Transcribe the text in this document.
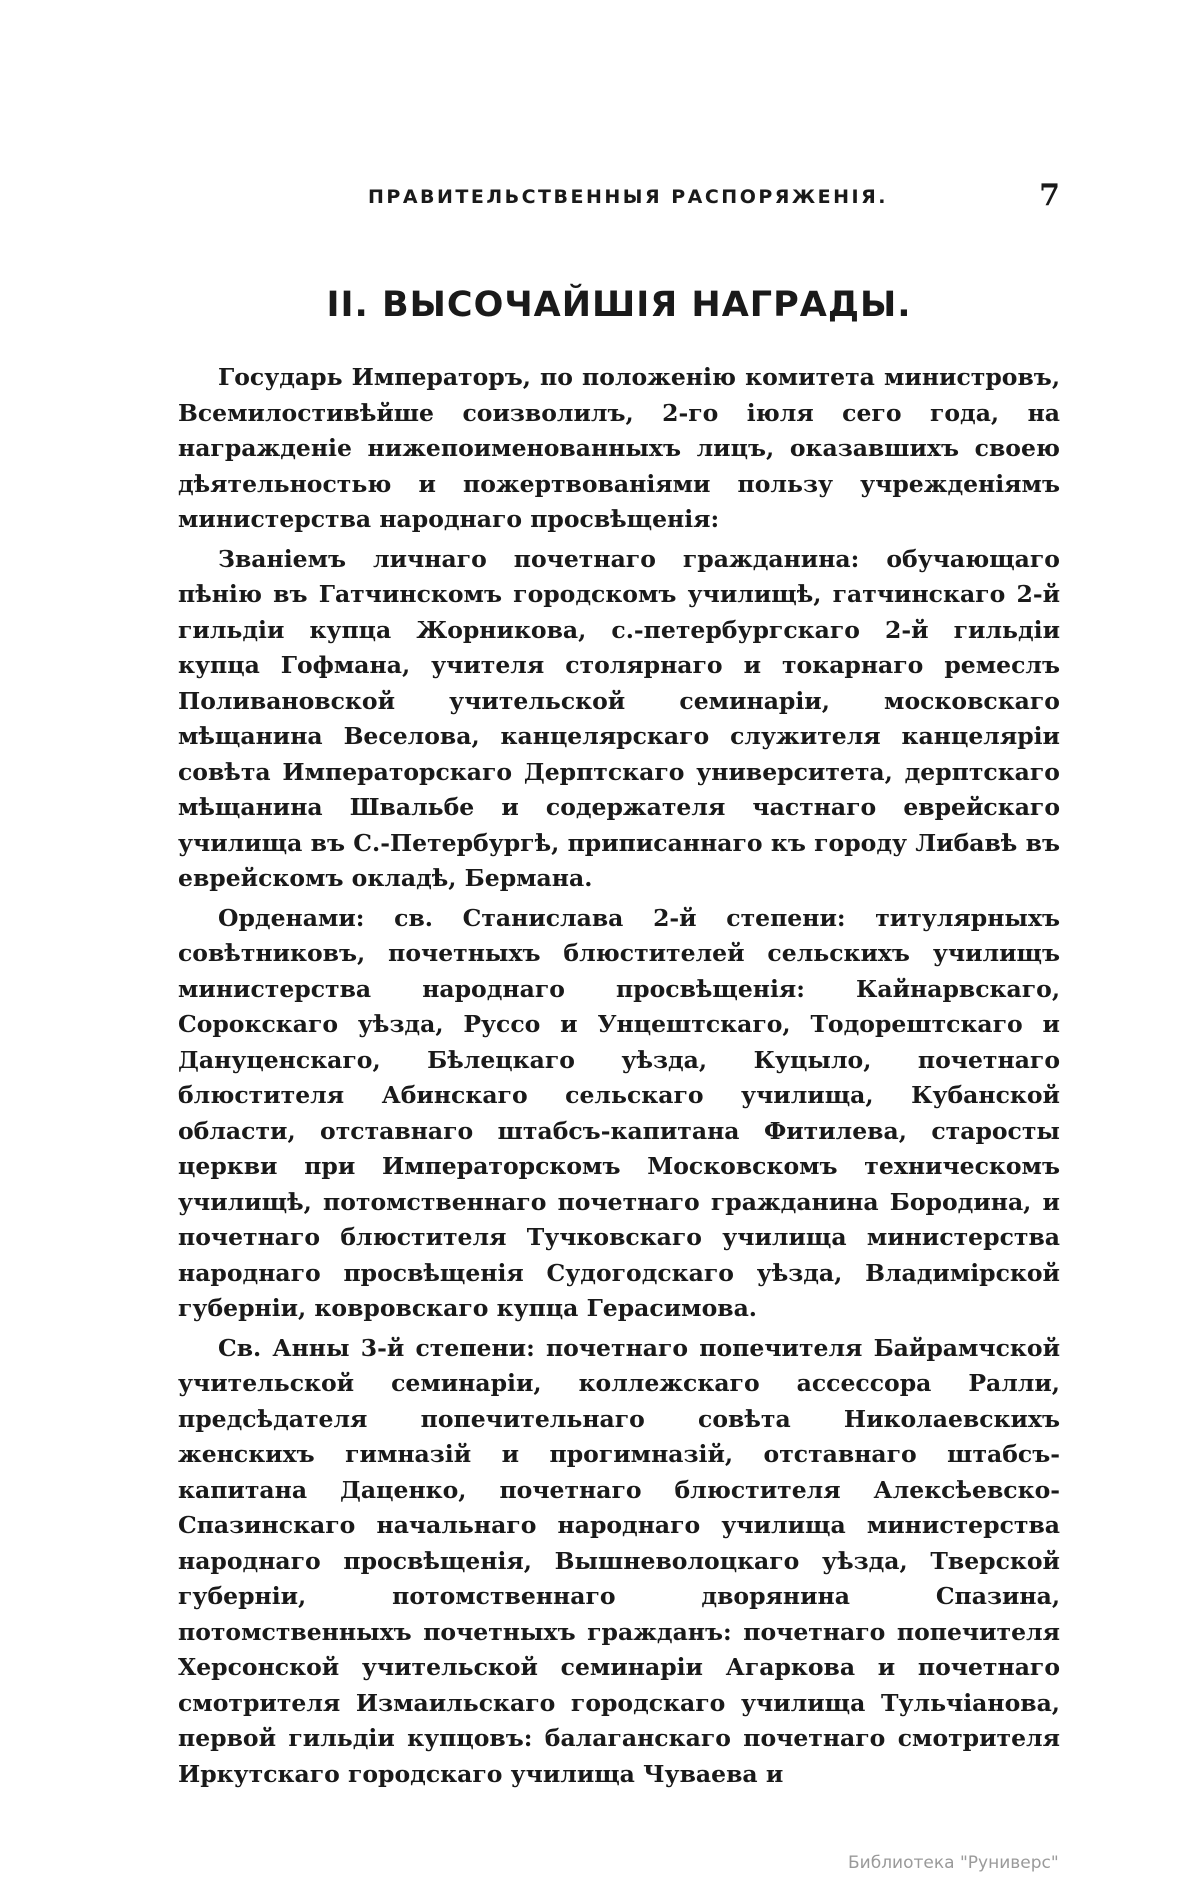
ПРАВИТЕЛЬСТВЕННЫЯ РАСПОРЯЖЕНIЯ.	7
II. ВЫСОЧАЙШIЯ НАГРАДЫ.

Государь Императоръ, по положенiю комитета министровъ, Всемилостивѣйше соизволилъ, 2-го iюля сего года, на награжденiе нижепоименованныхъ лицъ, оказавшихъ своею дѣятельностью и пожертвованiями пользу учрежденiямъ министерства народнаго просвѣщенiя:

Званiемъ личнаго почетнаго гражданина: обучающаго пѣнiю въ Гатчинскомъ городскомъ училищѣ, гатчинскаго 2-й гильдiи купца Жорникова, с.-петербургскаго 2-й гильдiи купца Гофмана, учителя столярнаго и токарнаго ремеслъ Поливановской учительской семинарiи, московскаго мѣщанина Веселова, канцелярскаго служителя канцелярiи совѣта Императорскаго Дерптскаго университета, дерптскаго мѣщанина Швальбе и содержателя частнаго еврейскаго училища въ С.-Петербургѣ, приписаннаго къ городу Либавѣ въ еврейскомъ окладѣ, Бермана.

Орденами: св. Станислава 2-й степени: титулярныхъ совѣтниковъ, почетныхъ блюстителей сельскихъ училищъ министерства народнаго просвѣщенiя: Кайнарвскаго, Сорокскаго уѣзда, Руссо и Унцештскаго, Тодорештскаго и Дануценскаго, Бѣлецкаго уѣзда, Куцыло, почетнаго блюстителя Абинскаго сельскаго училища, Кубанской области, отставнаго штабсъ-капитана Фитилева, старосты церкви при Императорскомъ Московскомъ техническомъ училищѣ, потомственнаго почетнаго гражданина Бородина, и почетнаго блюстителя Тучковскаго училища министерства народнаго просвѣщенiя Судогодскаго уѣзда, Владимiрской губернiи, ковровскаго купца Герасимова.

Св. Анны 3-й степени: почетнаго попечителя Байрамчской учительской семинарiи, коллежскаго ассессора Ралли, предсѣдателя попечительнаго совѣта Николаевскихъ женскихъ гимназiй и прогимназiй, отставнаго штабсъ-капитана Даценко, почетнаго блюстителя Алексѣевско-Спазинскаго начальнаго народнаго училища министерства народнаго просвѣщенiя, Вышневолоцкаго уѣзда, Тверской губернiи, потомственнаго дворянина Спазина, потомственныхъ почетныхъ гражданъ: почетнаго попечителя Херсонской учительской семинарiи Агаркова и почетнаго смотрителя Измаильскаго городскаго училища Тульчiанова, первой гильдiи купцовъ: балаганскаго почетнаго смотрителя Иркутскаго городскаго училища Чуваева и

Библиотека "Руниверс"
